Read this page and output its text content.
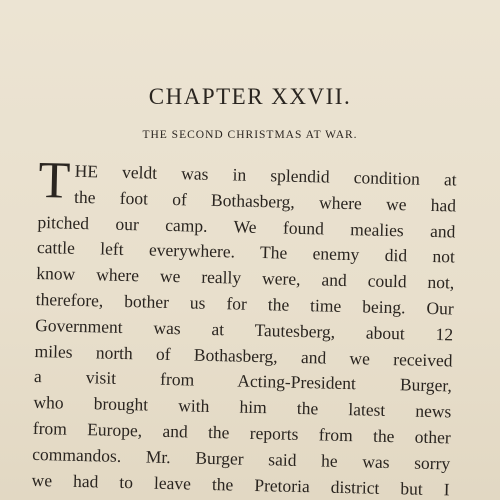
CHAPTER XXVII.
THE SECOND CHRISTMAS AT WAR.
T HE veldt was in splendid condition at
the foot of Bothasberg, where we had
pitched our camp. We found mealies and
cattle left everywhere. The enemy did not
know where we really were, and could not,
therefore, bother us for the time being. Our
Government was at Tautesberg, about 12
miles north of Bothasberg, and we received
a visit from Acting-President Burger,
who brought with him the latest news
from Europe, and the reports from the other
commandos. Mr. Burger said he was sorry
we had to leave the Pretoria district but I
